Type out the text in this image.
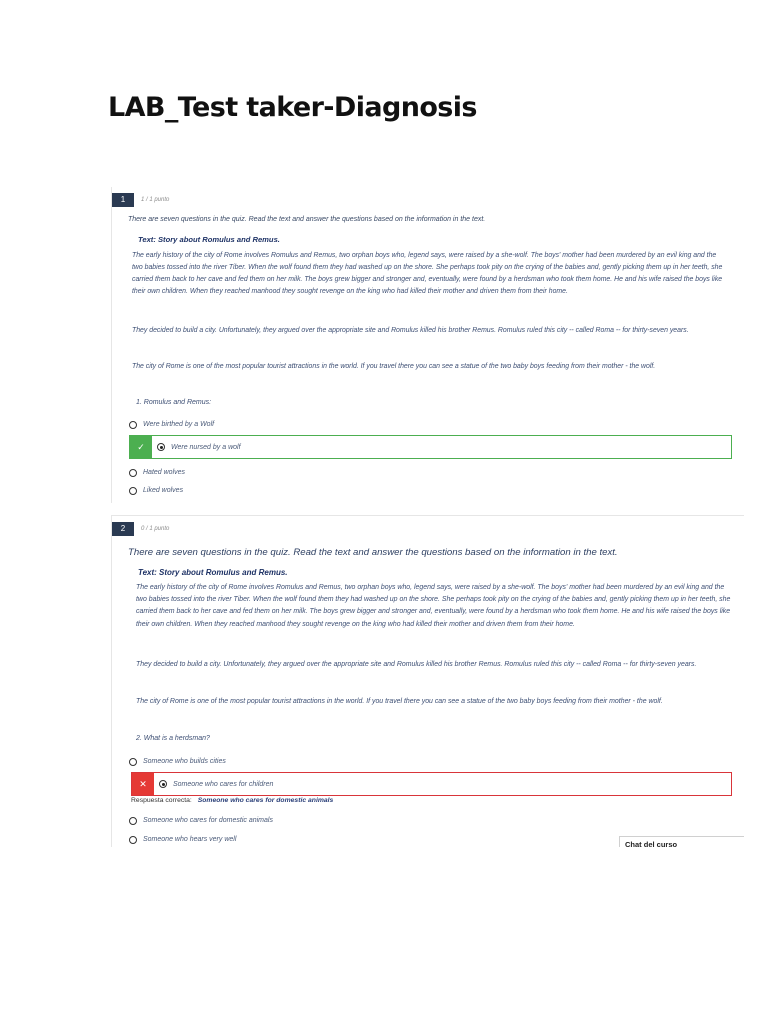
LAB_Test taker-Diagnosis
1	1 / 1 punto
There are seven questions in the quiz. Read the text and answer the questions based on the information in the text.
Text: Story about Romulus and Remus.

The early history of the city of Rome involves Romulus and Remus, two orphan boys who, legend says, were raised by a she-wolf. The boys' mother had been murdered by an evil king and the two babies tossed into the river Tiber. When the wolf found them they had washed up on the shore. She perhaps took pity on the crying of the babies and, gently picking them up in her teeth, she carried them back to her cave and fed them on her milk. The boys grew bigger and stronger and, eventually, were found by a herdsman who took them home. He and his wife raised the boys like their own children. When they reached manhood they sought revenge on the king who had killed their mother and driven them from their home.

They decided to build a city. Unfortunately, they argued over the appropriate site and Romulus killed his brother Remus. Romulus ruled this city -- called Roma -- for thirty-seven years.

The city of Rome is one of the most popular tourist attractions in the world. If you travel there you can see a statue of the two baby boys feeding from their mother - the wolf.

1. Romulus and Remus:
Were birthed by a Wolf
✓	Were nursed by a wolf
Hated wolves
Liked wolves
2	0 / 1 punto
There are seven questions in the quiz. Read the text and answer the questions based on the information in the text.
Text: Story about Romulus and Remus.

The early history of the city of Rome involves Romulus and Remus, two orphan boys who, legend says, were raised by a she-wolf. The boys' mother had been murdered by an evil king and the two babies tossed into the river Tiber. When the wolf found them they had washed up on the shore. She perhaps took pity on the crying of the babies and, gently picking them up in her teeth, she carried them back to her cave and fed them on her milk. The boys grew bigger and stronger and, eventually, were found by a herdsman who took them home. He and his wife raised the boys like their own children. When they reached manhood they sought revenge on the king who had killed their mother and driven them from their home.

They decided to build a city. Unfortunately, they argued over the appropriate site and Romulus killed his brother Remus. Romulus ruled this city -- called Roma -- for thirty-seven years.

The city of Rome is one of the most popular tourist attractions in the world. If you travel there you can see a statue of the two baby boys feeding from their mother - the wolf.

2. What is a herdsman?
Someone who builds cities
✕	Someone who cares for children
Respuesta correcta: Someone who cares for domestic animals
Someone who cares for domestic animals
Someone who hears very well
Chat del curso
